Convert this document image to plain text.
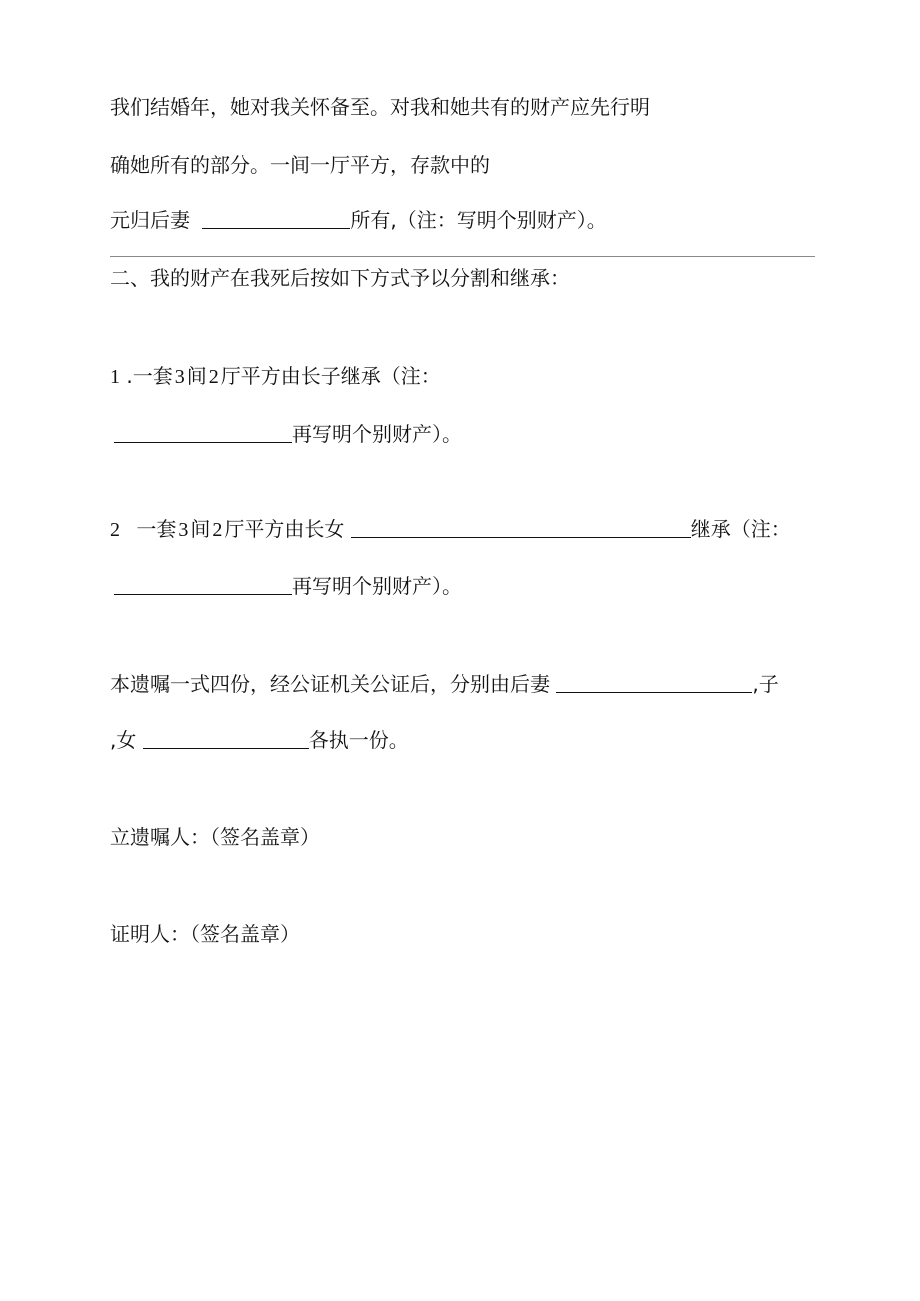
我们结婚年，她对我关怀备至。对我和她共有的财产应先行明
确她所有的部分。一间一厅平方，存款中的
元归后妻	所有,（注：写明个别财产）。
二、我的财产在我死后按如下方式予以分割和继承：
1 .一套 3 间 2 厅平方由长子继承（注：
再写明个别财产）。
2 一套 3 间 2 厅平方由长女	继承（注：
再写明个别财产）。
本遗嘱一式四份，经公证机关公证后，分别由后妻	,子
,女	各执一份。
立遗嘱人：（签名盖章）
证明人：（签名盖章）
